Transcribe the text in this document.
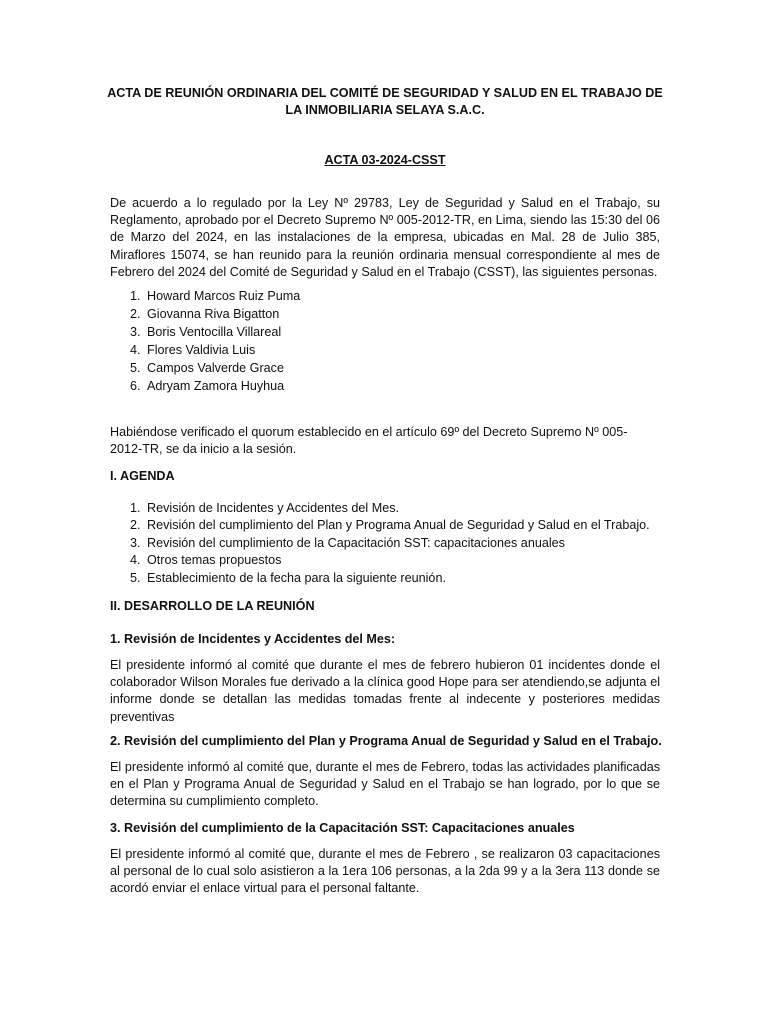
ACTA DE REUNIÓN ORDINARIA DEL COMITÉ DE SEGURIDAD Y SALUD EN EL TRABAJO DE LA INMOBILIARIA SELAYA S.A.C.
ACTA 03-2024-CSST

De acuerdo a lo regulado por la Ley Nº 29783, Ley de Seguridad y Salud en el Trabajo, su Reglamento, aprobado por el Decreto Supremo Nº 005-2012-TR, en Lima, siendo las 15:30 del 06 de Marzo del 2024, en las instalaciones de la empresa, ubicadas en Mal. 28 de Julio 385, Miraflores 15074, se han reunido para la reunión ordinaria mensual correspondiente al mes de Febrero del 2024 del Comité de Seguridad y Salud en el Trabajo (CSST), las siguientes personas.

1. Howard Marcos Ruiz Puma
2. Giovanna Riva Bigatton
3. Boris Ventocilla Villareal
4. Flores Valdivia Luis
5. Campos Valverde Grace
6. Adryam Zamora Huyhua

Habiéndose verificado el quorum establecido en el artículo 69º del Decreto Supremo Nº 005-2012-TR, se da inicio a la sesión.

I. AGENDA
1. Revisión de Incidentes y Accidentes del Mes.
2. Revisión del cumplimiento del Plan y Programa Anual de Seguridad y Salud en el Trabajo.
3. Revisión del cumplimiento de la Capacitación SST: capacitaciones anuales
4. Otros temas propuestos
5. Establecimiento de la fecha para la siguiente reunión.
II. DESARROLLO DE LA REUNIÓN
1. Revisión de Incidentes y Accidentes del Mes:

El presidente informó al comité que durante el mes de febrero hubieron 01 incidentes donde el colaborador Wilson Morales fue derivado a la clínica good Hope para ser atendiendo,se adjunta el informe donde se detallan las medidas tomadas frente al indecente y posteriores medidas preventivas

2. Revisión del cumplimiento del Plan y Programa Anual de Seguridad y Salud en el Trabajo.

El presidente informó al comité que, durante el mes de Febrero, todas las actividades planificadas en el Plan y Programa Anual de Seguridad y Salud en el Trabajo se han logrado, por lo que se determina su cumplimiento completo.

3. Revisión del cumplimiento de la Capacitación SST: Capacitaciones anuales

El presidente informó al comité que, durante el mes de Febrero , se realizaron 03 capacitaciones al personal de lo cual solo asistieron a la 1era 106 personas, a la 2da 99 y a la 3era 113 donde se acordó enviar el enlace virtual para el personal faltante.
